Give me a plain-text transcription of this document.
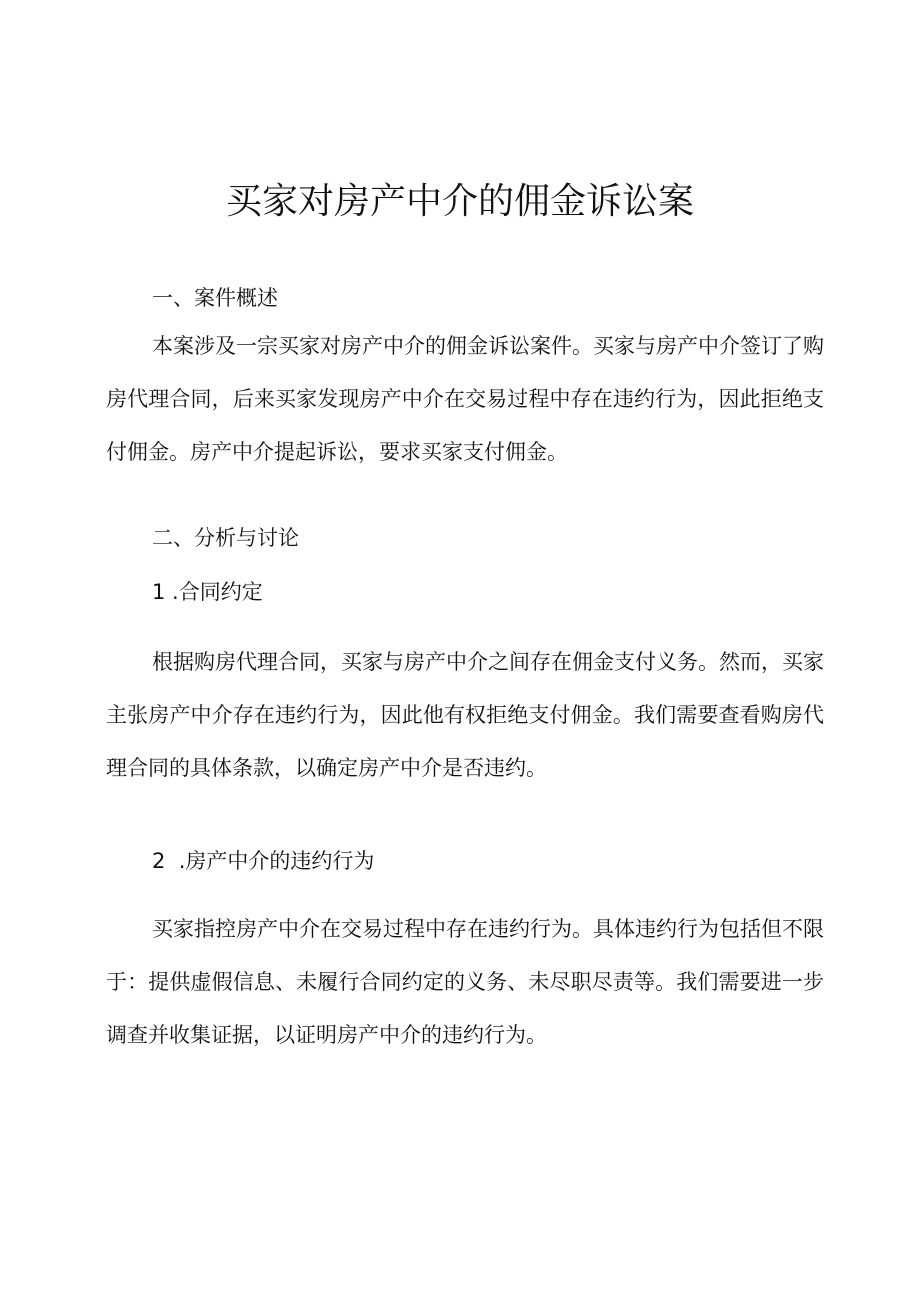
买家对房产中介的佣金诉讼案

一、案件概述

本案涉及一宗买家对房产中介的佣金诉讼案件。买家与房产中介签订了购房代理合同，后来买家发现房产中介在交易过程中存在违约行为，因此拒绝支付佣金。房产中介提起诉讼，要求买家支付佣金。

二、分析与讨论

1 .合同约定

根据购房代理合同，买家与房产中介之间存在佣金支付义务。然而，买家主张房产中介存在违约行为，因此他有权拒绝支付佣金。我们需要查看购房代理合同的具体条款，以确定房产中介是否违约。

2  .房产中介的违约行为

买家指控房产中介在交易过程中存在违约行为。具体违约行为包括但不限于：提供虚假信息、未履行合同约定的义务、未尽职尽责等。我们需要进一步调查并收集证据，以证明房产中介的违约行为。
